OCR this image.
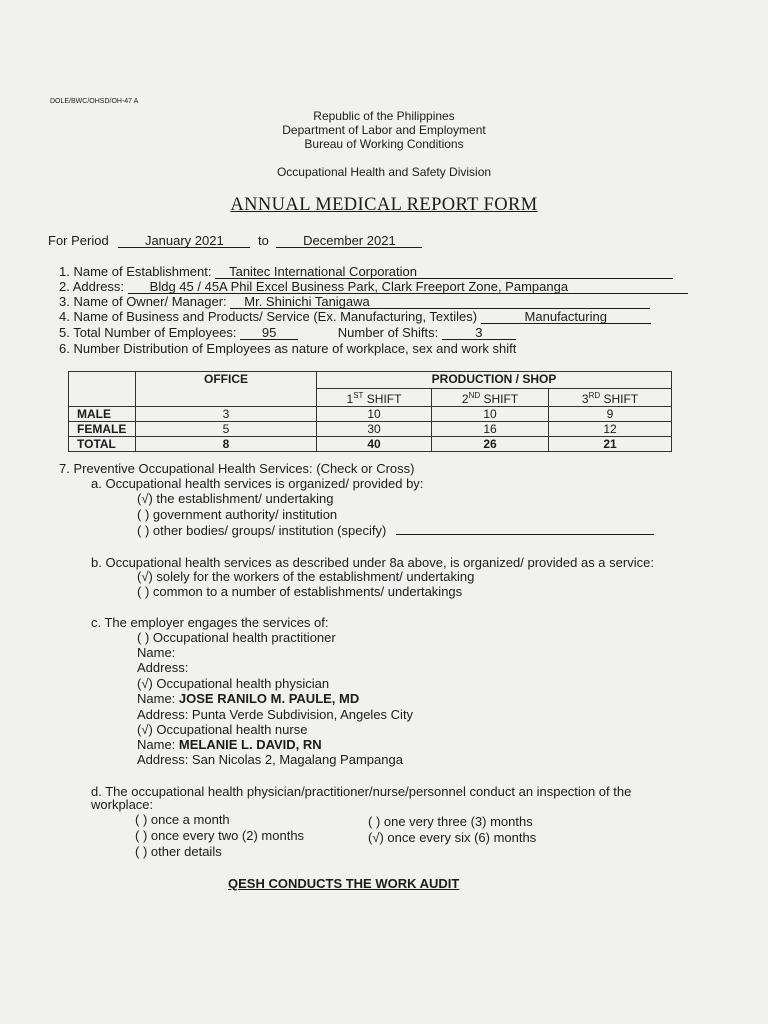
DOLE/BWC/OHSD/OH-47 A
Republic of the Philippines
Department of Labor and Employment
Bureau of Working Conditions
Occupational Health and Safety Division
ANNUAL MEDICAL REPORT FORM
For Period	January 2021	to	December 2021
1. Name of Establishment: Tanitec International Corporation
2. Address: Bldg 45 / 45A Phil Excel Business Park, Clark Freeport Zone, Pampanga
3. Name of Owner/ Manager: Mr. Shinichi Tanigawa
4. Name of Business and Products/ Service (Ex. Manufacturing, Textiles)	Manufacturing
5. Total Number of Employees: 95	Number of Shifts:	3
6. Number Distribution of Employees as nature of workplace, sex and work shift
	OFFICE	PRODUCTION / SHOP		
		1ST SHIFT	2ND SHIFT	3RD SHIFT
MALE	3	10	10	9
FEMALE	5	30	16	12
TOTAL	8	40	26	21
7. Preventive Occupational Health Services: (Check or Cross)
a. Occupational health services is organized/ provided by:
(√) the establishment/ undertaking
( ) government authority/ institution
( ) other bodies/ groups/ institution (specify)
b. Occupational health services as described under 8a above, is organized/ provided as a service:
(√) solely for the workers of the establishment/ undertaking
( ) common to a number of establishments/ undertakings
c. The employer engages the services of:
( ) Occupational health practitioner
Name:
Address:
(√) Occupational health physician
Name: JOSE RANILO M. PAULE, MD
Address: Punta Verde Subdivision, Angeles City
(√) Occupational health nurse
Name: MELANIE L. DAVID, RN
Address: San Nicolas 2, Magalang Pampanga
d. The occupational health physician/practitioner/nurse/personnel conduct an inspection of the
workplace:
( ) once a month
( ) once every two (2) months
( ) other details
( ) one very three (3) months
(√) once every six (6) months
QESH CONDUCTS THE WORK AUDIT
